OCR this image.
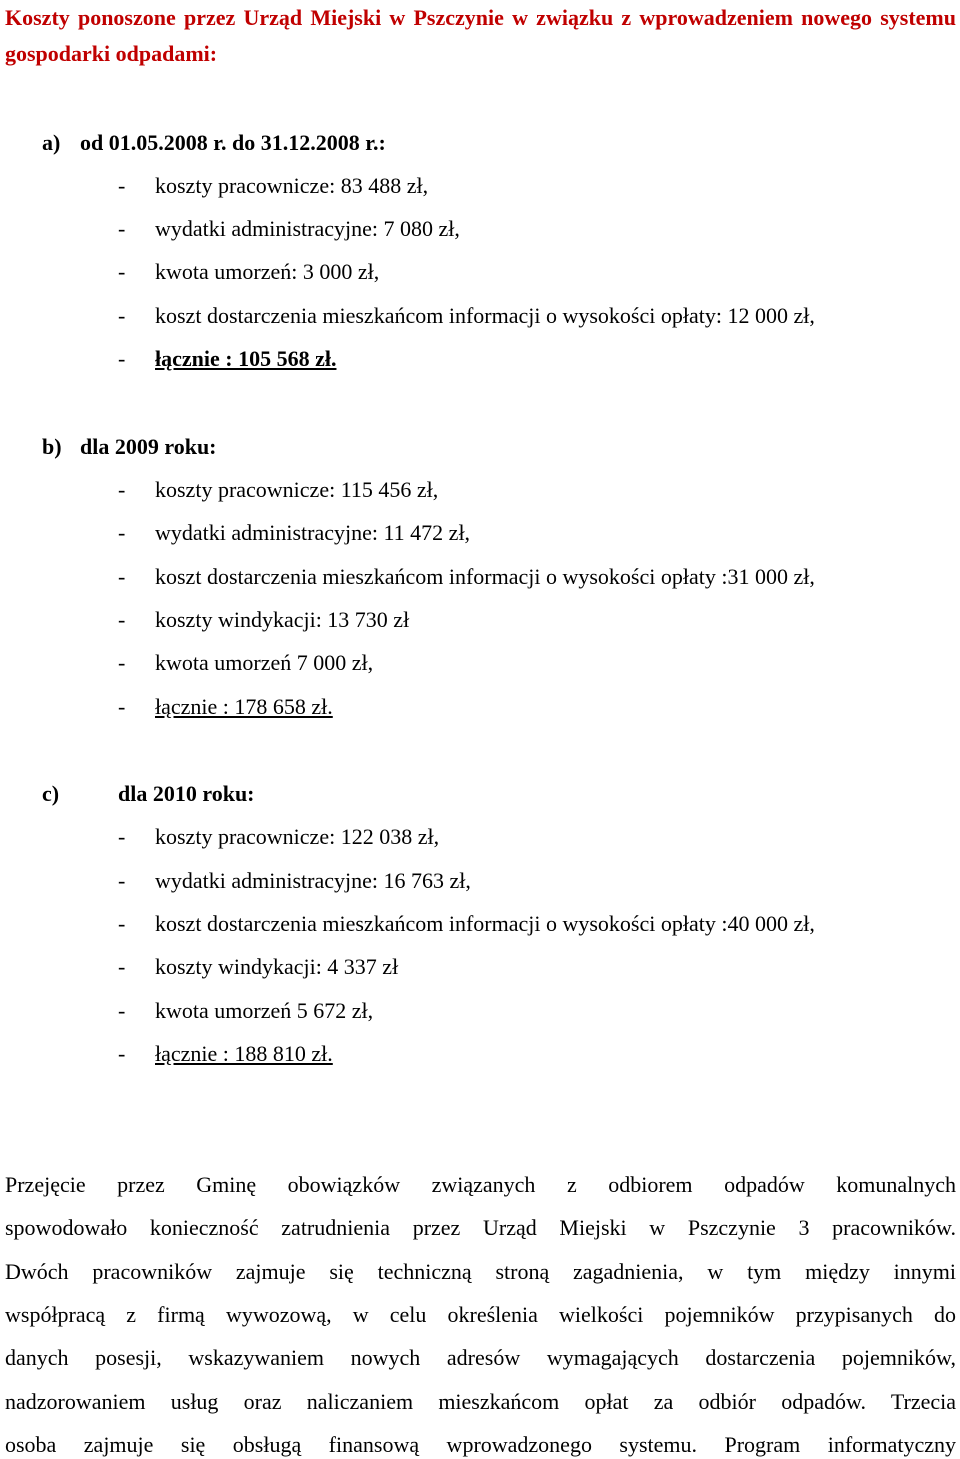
Koszty ponoszone przez Urząd Miejski w Pszczynie w związku z wprowadzeniem nowego systemu gospodarki odpadami:
a) od 01.05.2008 r. do 31.12.2008 r.:
- koszty pracownicze: 83 488 zł,
- wydatki administracyjne: 7 080 zł,
- kwota umorzeń: 3 000 zł,
- koszt dostarczenia mieszkańcom informacji o wysokości opłaty: 12 000 zł,
- łącznie : 105 568 zł.
b) dla 2009 roku:
- koszty pracownicze: 115 456 zł,
- wydatki administracyjne: 11 472 zł,
- koszt dostarczenia mieszkańcom informacji o wysokości opłaty :31 000 zł,
- koszty windykacji: 13 730 zł
- kwota umorzeń 7 000 zł,
- łącznie : 178 658 zł.
c)	dla 2010 roku:
- koszty pracownicze: 122 038 zł,
- wydatki administracyjne: 16 763 zł,
- koszt dostarczenia mieszkańcom informacji o wysokości opłaty :40 000 zł,
- koszty windykacji: 4 337 zł
- kwota umorzeń 5 672 zł,
- łącznie : 188 810 zł.
Przejęcie przez Gminę obowiązków związanych z odbiorem odpadów komunalnych
spowodowało konieczność zatrudnienia przez Urząd Miejski w Pszczynie 3 pracowników.
Dwóch pracowników zajmuje się techniczną stroną zagadnienia, w tym między innymi
współpracą z firmą wywozową, w celu określenia wielkości pojemników przypisanych do
danych posesji, wskazywaniem nowych adresów wymagających dostarczenia pojemników,
nadzorowaniem usług oraz naliczaniem mieszkańcom opłat za odbiór odpadów. Trzecia
osoba zajmuje się obsługą finansową wprowadzonego systemu. Program informatyczny
